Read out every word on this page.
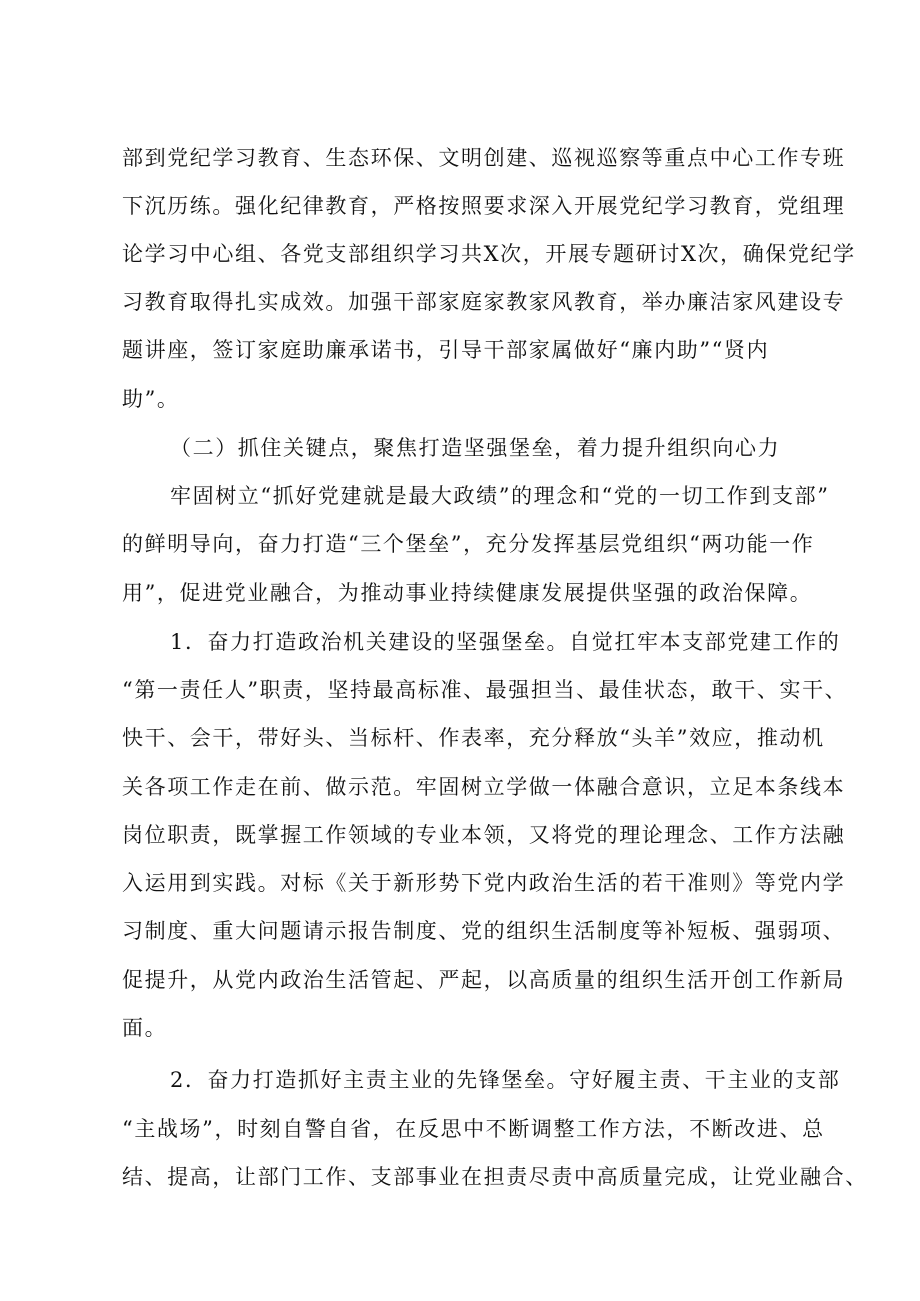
部到党纪学习教育、生态环保、文明创建、巡视巡察等重点中心工作专班
下沉历练。强化纪律教育，严格按照要求深入开展党纪学习教育，党组理
论学习中心组、各党支部组织学习共X次，开展专题研讨X次，确保党纪学
习教育取得扎实成效。加强干部家庭家教家风教育，举办廉洁家风建设专
题讲座，签订家庭助廉承诺书，引导干部家属做好“廉内助”“贤内
助”。
（二）抓住关键点，聚焦打造坚强堡垒，着力提升组织向心力
牢固树立“抓好党建就是最大政绩”的理念和“党的一切工作到支部”
的鲜明导向，奋力打造“三个堡垒”，充分发挥基层党组织“两功能一作
用”，促进党业融合，为推动事业持续健康发展提供坚强的政治保障。
1．奋力打造政治机关建设的坚强堡垒。自觉扛牢本支部党建工作的
“第一责任人”职责，坚持最高标准、最强担当、最佳状态，敢干、实干、
快干、会干，带好头、当标杆、作表率，充分释放“头羊”效应，推动机
关各项工作走在前、做示范。牢固树立学做一体融合意识，立足本条线本
岗位职责，既掌握工作领域的专业本领，又将党的理论理念、工作方法融
入运用到实践。对标《关于新形势下党内政治生活的若干准则》等党内学
习制度、重大问题请示报告制度、党的组织生活制度等补短板、强弱项、
促提升，从党内政治生活管起、严起，以高质量的组织生活开创工作新局
面。
2．奋力打造抓好主责主业的先锋堡垒。守好履主责、干主业的支部
“主战场”，时刻自警自省，在反思中不断调整工作方法，不断改进、总
结、提高，让部门工作、支部事业在担责尽责中高质量完成，让党业融合、
